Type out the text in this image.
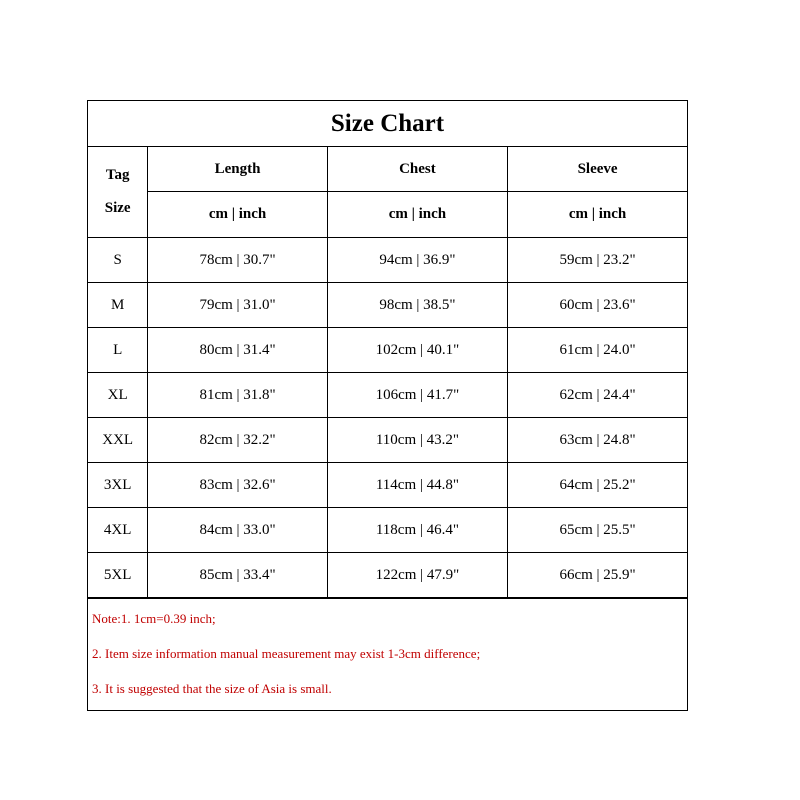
Size Chart			

Tag
Size	Length	Chest	Sleeve
	cm | inch	cm | inch	cm | inch
S	78cm | 30.7"	94cm | 36.9"	59cm | 23.2"
M	79cm | 31.0"	98cm | 38.5"	60cm | 23.6"
L	80cm | 31.4"	102cm | 40.1"	61cm | 24.0"
XL	81cm | 31.8"	106cm | 41.7"	62cm | 24.4"
XXL	82cm | 32.2"	110cm | 43.2"	63cm | 24.8"
3XL	83cm | 32.6"	114cm | 44.8"	64cm | 25.2"
4XL	84cm | 33.0"	118cm | 46.4"	65cm | 25.5"
5XL	85cm | 33.4"	122cm | 47.9"	66cm | 25.9"
Note:1. 1cm=0.39 inch;
2. Item size information manual measurement may exist 1-3cm difference;
3. It is suggested that the size of Asia is small.
